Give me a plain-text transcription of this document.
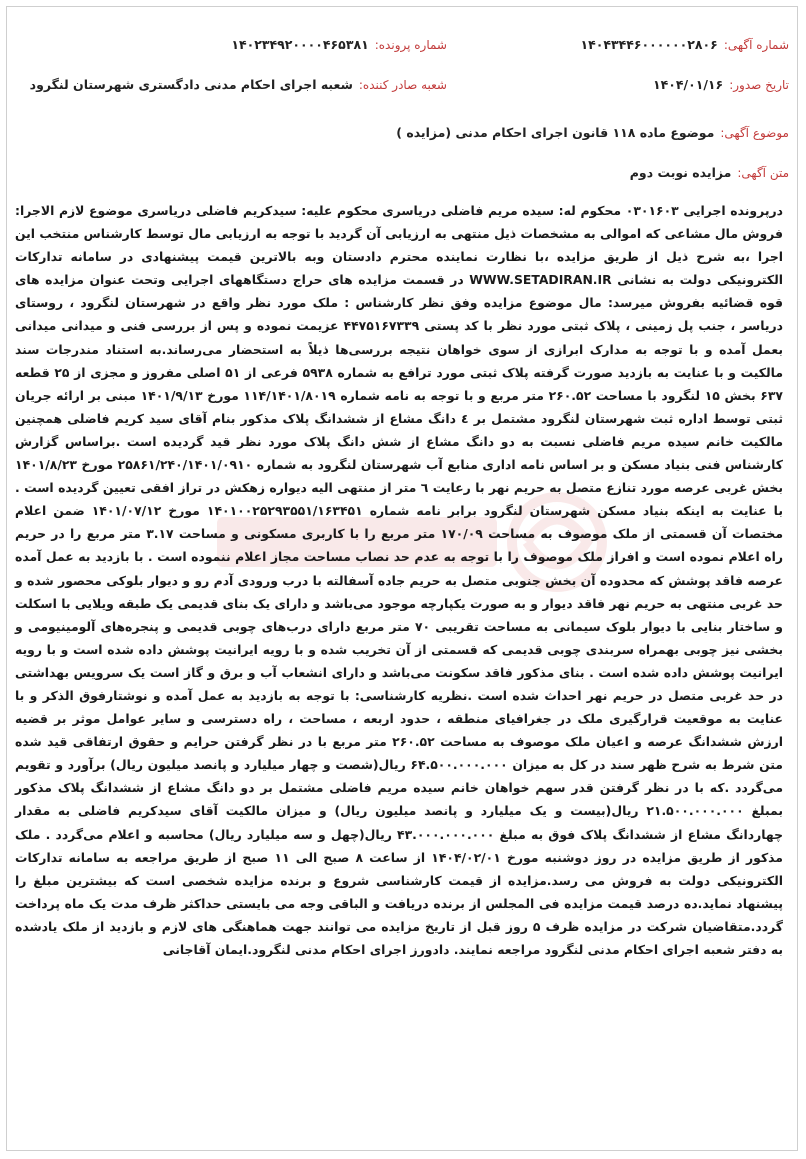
شماره آگهی:
۱۴۰۴۳۴۴۶۰۰۰۰۰۰۲۸۰۶
شماره پرونده:
۱۴۰۲۳۴۹۲۰۰۰۰۴۶۵۳۸۱
تاریخ صدور:
۱۴۰۴/۰۱/۱۶
شعبه صادر کننده:
شعبه اجرای احکام مدنی دادگستری شهرستان لنگرود
موضوع آگهی:
موضوع ماده ۱۱۸ قانون اجرای احکام مدنی (مزایده )
متن آگهی:
مزایده نوبت دوم

درپرونده اجرایی ۰۳۰۱۶۰۳ محکوم له: سیده مریم فاضلی دریاسری محکوم علیه: سیدکریم فاضلی دریاسری موضوع لازم الاجرا: فروش مال مشاعی که اموالی به مشخصات ذیل منتهی به ارزیابی آن گردید با توجه به ارزیابی مال توسط کارشناس منتخب این اجرا ،به شرح ذیل از طریق مزایده ،با نظارت نماینده محترم دادستان وبه بالاترین قیمت پیشنهادی در سامانه تدارکات الکترونیکی دولت به نشانی WWW.SETADIRAN.IR در قسمت مزایده های حراج دستگاههای اجرایی وتحت عنوان مزایده های قوه قضائیه بفروش میرسد: مال موضوع مزایده وفق نظر کارشناس : ملک مورد نظر واقع در شهرستان لنگرود ، روستای دریاسر ، جنب پل زمینی ، پلاک ثبتی مورد نظر با کد پستی ۴۴۷۵۱۶۷۳۳۹ عزیمت نموده و پس از بررسی فنی و میدانی میدانی بعمل آمده و با توجه به مدارک ابرازی از سوی خواهان نتیجه بررسی‌ها ذیلاً به استحضار می‌رساند.به استناد مندرجات سند مالکیت و با عنایت به بازدید صورت گرفته پلاک ثبتی مورد ترافع به شماره ۵۹۳۸ فرعی از ۵۱ اصلی مفروز و مجزی از ۲۵ قطعه ۶۳۷ بخش ۱۵ لنگرود با مساحت ۲۶۰.۵۲ متر مربع و با توجه به نامه شماره ۱۱۴/۱۴۰۱/۸۰۱۹ مورخ ۱۴۰۱/۹/۱۳ مبنی بر ارائه جریان ثبتی توسط اداره ثبت شهرستان لنگرود مشتمل بر ٤ دانگ مشاع از ششدانگ پلاک مذکور بنام آقای سید کریم فاضلی همچنین مالکیت خانم سیده مریم فاضلی نسبت به دو دانگ مشاع از شش دانگ پلاک مورد نظر قید گردیده است .براساس گزارش کارشناس فنی بنیاد مسکن و بر اساس نامه اداری منابع آب شهرستان لنگرود به شماره ۲۵۸۶۱/۲۴۰/۱۴۰۱/۰۹۱۰ مورخ ۱۴۰۱/۸/۲۳ بخش غربی عرصه مورد تنازع متصل به حریم نهر با رعایت ٦ متر از منتهی الیه دیواره زهکش در تراز افقی تعیین گردیده است . با عنایت به اینکه بنیاد مسکن شهرستان لنگرود برابر نامه شماره ۱۴۰۱۰۰۲۵۲۹۳۵۵۱/۱۶۳۴۵۱ مورخ ۱۴۰۱/۰۷/۱۲ ضمن اعلام مختصات آن قسمتی از ملک موصوف به مساحت ۱۷۰/۰۹ متر مربع را با کاربری مسکونی و مساحت ۳.۱۷ متر مربع را در حریم راه اعلام نموده است و افراز ملک موصوف را با توجه به عدم حد نصاب مساحت مجاز اعلام ننموده است . با بازدید به عمل آمده عرصه فاقد پوشش که محدوده آن بخش جنوبی متصل به حریم جاده آسفالته با درب ورودی آدم رو و دیوار بلوکی محصور شده و حد غربی منتهی به حریم نهر فاقد دیوار و به صورت یکپارچه موجود می‌باشد و دارای یک بنای قدیمی یک طبقه ویلایی با اسکلت و ساختار بنایی با دیوار بلوک سیمانی به مساحت تقریبی ۷۰ متر مربع دارای درب‌های چوبی قدیمی و پنجره‌های آلومینیومی و بخشی نیز چوبی بهمراه سربندی چوبی قدیمی که قسمتی از آن تخریب شده و با رویه ایرانیت پوشش داده شده است و با رویه ایرانیت پوشش داده شده است . بنای مذکور فاقد سکونت می‌باشد و دارای انشعاب آب و برق و گاز است یک سرویس بهداشتی در حد غربی متصل در حریم نهر احداث شده است .نظریه کارشناسی: با توجه به بازدید به عمل آمده و نوشتارفوق الذکر و با عنایت به موقعیت قرارگیری ملک در جغرافیای منطقه ، حدود اربعه ، مساحت ، راه دسترسی و سایر عوامل موثر بر قضیه ارزش ششدانگ عرصه و اعیان ملک موصوف به مساحت ۲۶۰.۵۲ متر مربع با در نظر گرفتن حرایم و حقوق ارتفاقی قید شده متن شرط به شرح ظهر سند در کل به میزان ۶۴.۵۰۰.۰۰۰.۰۰۰ ریال(شصت و چهار میلیارد و پانصد میلیون ریال) برآورد و تقویم می‌گردد .که با در نظر گرفتن قدر سهم خواهان خانم سیده مریم فاضلی مشتمل بر دو دانگ مشاع از ششدانگ پلاک مذکور بمبلغ ۲۱.۵۰۰.۰۰۰.۰۰۰ ریال(بیست و یک میلیارد و پانصد میلیون ریال) و میزان مالکیت آقای سیدکریم فاضلی به مقدار چهاردانگ مشاع از ششدانگ پلاک فوق به مبلغ ۴۳.۰۰۰.۰۰۰.۰۰۰ ریال(چهل و سه میلیارد ریال) محاسبه و اعلام می‌گردد . ملک مذکور از طریق مزایده در روز دوشنبه مورخ ۱۴۰۴/۰۲/۰۱ از ساعت ۸ صبح الی ۱۱ صبح از طریق مراجعه به سامانه تدارکات الکترونیکی دولت به فروش می رسد.مزایده از قیمت کارشناسی شروع و برنده مزایده شخصی است که بیشترین مبلغ را پیشنهاد نماید.ده درصد قیمت مزایده فی المجلس از برنده دریافت و الباقی وجه می بایستی حداکثر ظرف مدت یک ماه پرداخت گردد.متقاضیان شرکت در مزایده ظرف ۵ روز قبل از تاریخ مزایده می توانند جهت هماهنگی های لازم و بازدید از ملک یادشده به دفتر شعبه اجرای احکام مدنی لنگرود مراجعه نمایند. دادورز اجرای احکام مدنی لنگرود.ایمان آقاجانی
